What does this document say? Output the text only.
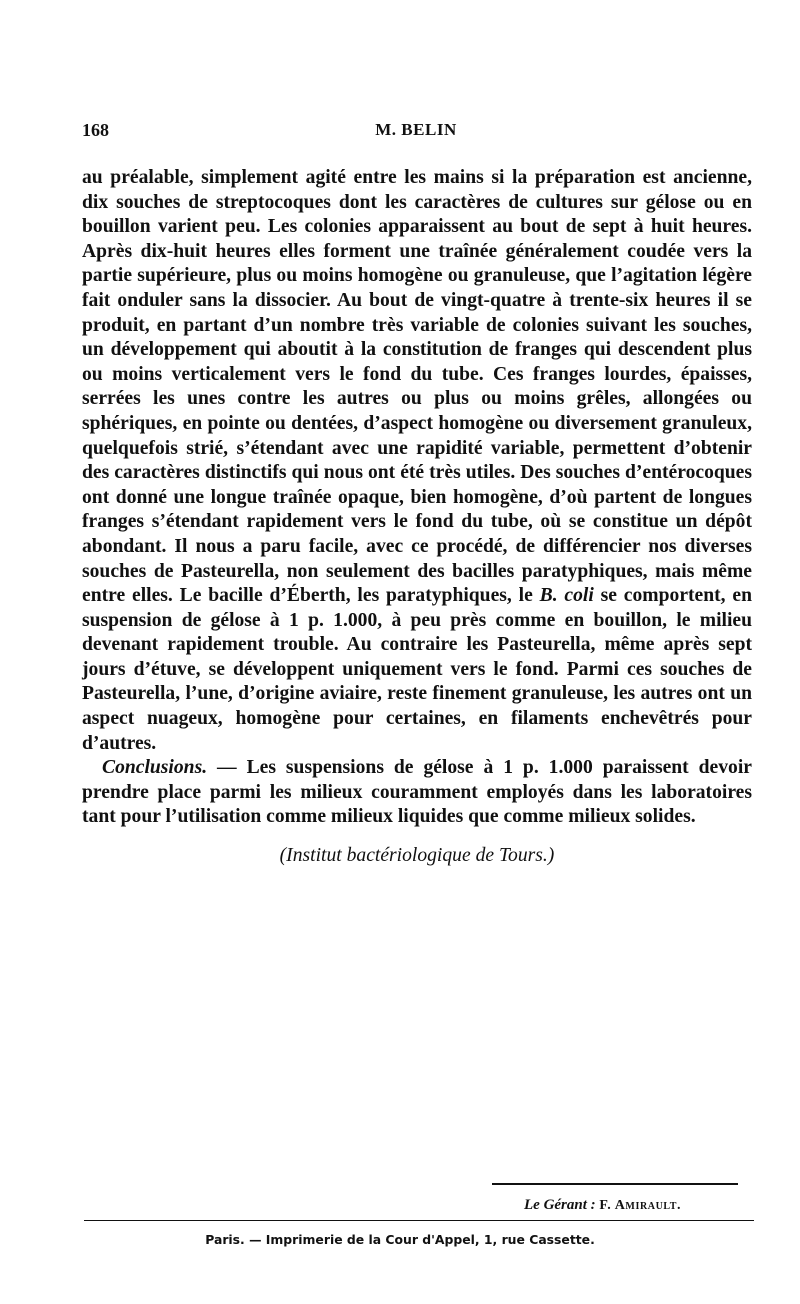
168	M. BELIN

au préalable, simplement agité entre les mains si la préparation est ancienne, dix souches de streptocoques dont les caractères de cultures sur gélose ou en bouillon varient peu. Les colonies apparaissent au bout de sept à huit heures. Après dix-huit heures elles forment une traînée généralement coudée vers la partie supérieure, plus ou moins homogène ou granuleuse, que l’agitation légère fait onduler sans la dissocier. Au bout de vingt-quatre à trente-six heures il se produit, en partant d’un nombre très variable de colonies suivant les souches, un développement qui aboutit à la constitution de franges qui descendent plus ou moins verticalement vers le fond du tube. Ces franges lourdes, épaisses, serrées les unes contre les autres ou plus ou moins grêles, allongées ou sphériques, en pointe ou dentées, d’aspect homogène ou diversement granuleux, quelquefois strié, s’étendant avec une rapidité variable, permettent d’obtenir des caractères distinctifs qui nous ont été très utiles. Des souches d’entérocoques ont donné une longue traînée opaque, bien homogène, d’où partent de longues franges s’étendant rapidement vers le fond du tube, où se constitue un dépôt abondant. Il nous a paru facile, avec ce procédé, de différencier nos diverses souches de Pasteurella, non seulement des bacilles paratyphiques, mais même entre elles. Le bacille d’Éberth, les paratyphiques, le B. coli se comportent, en suspension de gélose à 1 p. 1.000, à peu près comme en bouillon, le milieu devenant rapidement trouble. Au contraire les Pasteurella, même après sept jours d’étuve, se développent uniquement vers le fond. Parmi ces souches de Pasteurella, l’une, d’origine aviaire, reste finement granuleuse, les autres ont un aspect nuageux, homogène pour certaines, en filaments enchevêtrés pour d’autres.

Conclusions. — Les suspensions de gélose à 1 p. 1.000 paraissent devoir prendre place parmi les milieux couramment employés dans les laboratoires tant pour l’utilisation comme milieux liquides que comme milieux solides.

(Institut bactériologique de Tours.)

Le Gérant : F. Amirault.
Paris. — Imprimerie de la Cour d'Appel, 1, rue Cassette.
